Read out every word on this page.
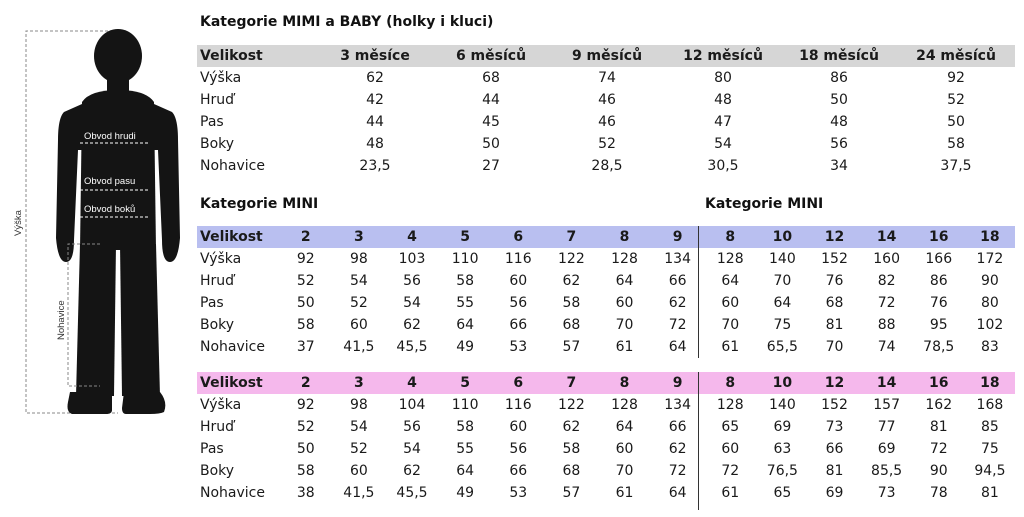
Obvod hrudi
Obvod pasu
Obvod boků
Výška
Nohavice
Kategorie MIMI a BABY (holky i kluci)
Velikost	3 měsíce	6 měsíců	9 měsíců	12 měsíců	18 měsíců	24 měsíců
Výška	62	68	74	80	86	92
Hruď	42	44	46	48	50	52
Pas	44	45	46	47	48	50
Boky	48	50	52	54	56	58
Nohavice	23,5	27	28,5	30,5	34	37,5
Kategorie MINI	Kategorie MINI
Velikost	2	3	4	5	6	7	8	9	8	10	12	14	16	18
Výška	92	98	103	110	116	122	128	134	128	140	152	160	166	172
Hruď	52	54	56	58	60	62	64	66	64	70	76	82	86	90
Pas	50	52	54	55	56	58	60	62	60	64	68	72	76	80
Boky	58	60	62	64	66	68	70	72	70	75	81	88	95	102
Nohavice	37	41,5	45,5	49	53	57	61	64	61	65,5	70	74	78,5	83
Velikost	2	3	4	5	6	7	8	9	8	10	12	14	16	18
Výška	92	98	104	110	116	122	128	134	128	140	152	157	162	168
Hruď	52	54	56	58	60	62	64	66	65	69	73	77	81	85
Pas	50	52	54	55	56	58	60	62	60	63	66	69	72	75
Boky	58	60	62	64	66	68	70	72	72	76,5	81	85,5	90	94,5
Nohavice	38	41,5	45,5	49	53	57	61	64	61	65	69	73	78	81
